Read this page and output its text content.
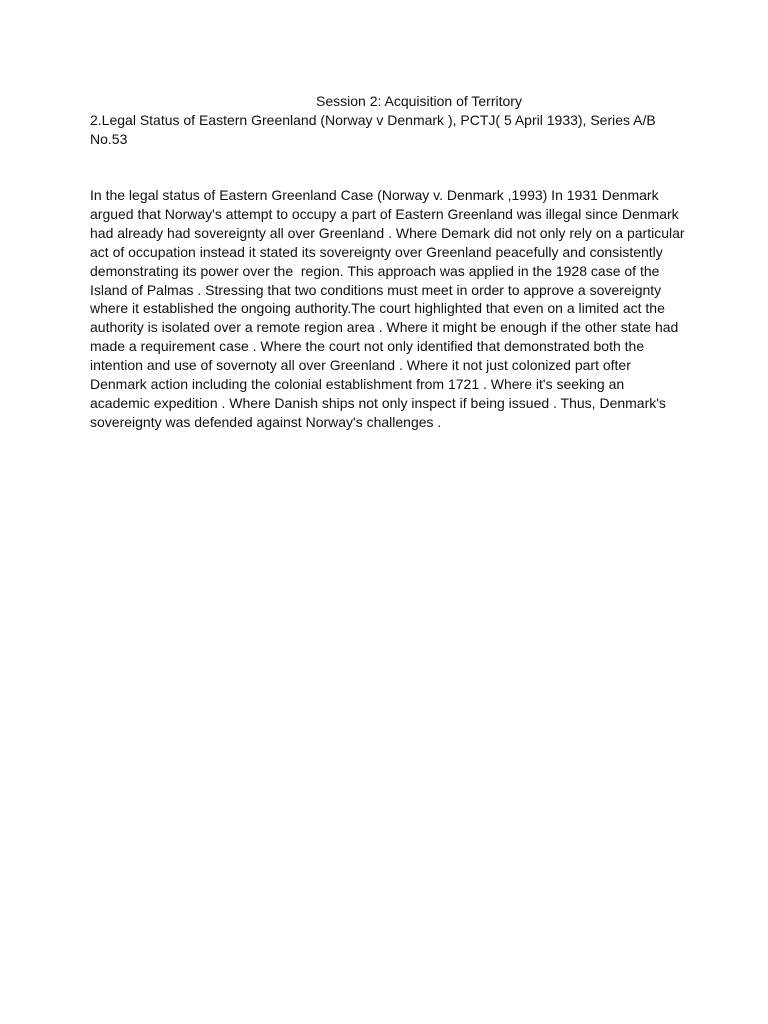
Session 2: Acquisition of Territory
2.Legal Status of Eastern Greenland (Norway v Denmark ), PCTJ( 5 April 1933), Series A/B
No.53
In the legal status of Eastern Greenland Case (Norway v. Denmark ,1993) In 1931 Denmark
argued that Norway's attempt to occupy a part of Eastern Greenland was illegal since Denmark
had already had sovereignty all over Greenland . Where Demark did not only rely on a particular
act of occupation instead it stated its sovereignty over Greenland peacefully and consistently
demonstrating its power over the  region. This approach was applied in the 1928 case of the
Island of Palmas . Stressing that two conditions must meet in order to approve a sovereignty
where it established the ongoing authority.The court highlighted that even on a limited act the
authority is isolated over a remote region area . Where it might be enough if the other state had
made a requirement case . Where the court not only identified that demonstrated both the
intention and use of sovernoty all over Greenland . Where it not just colonized part ofter
Denmark action including the colonial establishment from 1721 . Where it's seeking an
academic expedition . Where Danish ships not only inspect if being issued . Thus, Denmark's
sovereignty was defended against Norway's challenges .
